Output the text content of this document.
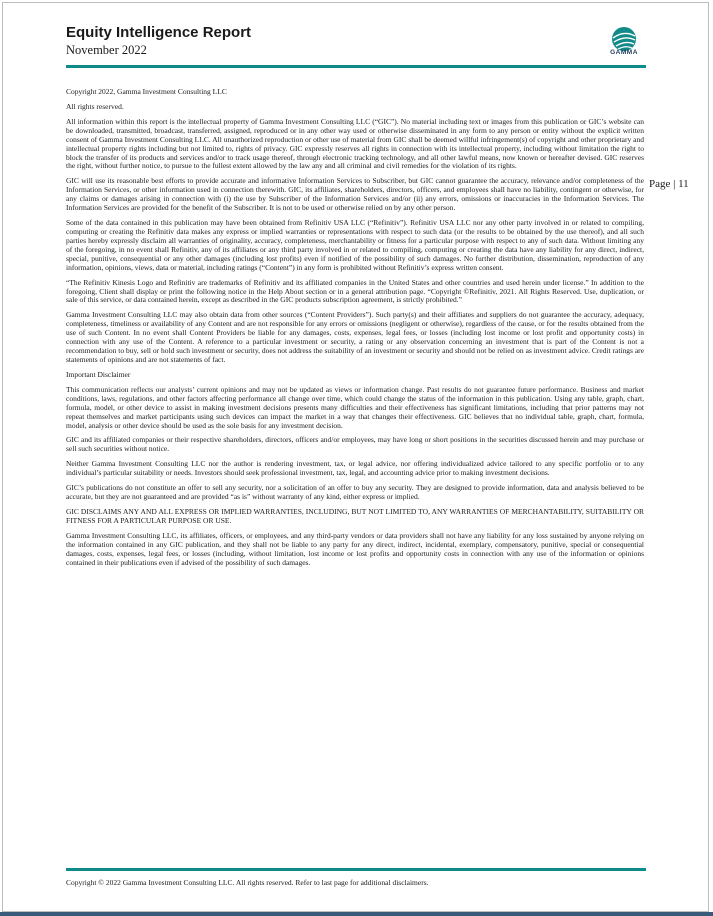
Equity Intelligence Report
November 2022	GAMMA
Page | 11

Copyright 2022, Gamma Investment Consulting LLC

All rights reserved.

All information within this report is the intellectual property of Gamma Investment Consulting LLC (“GIC”). No material including text or images from this publication or GIC’s website can be downloaded, transmitted, broadcast, transferred, assigned, reproduced or in any other way used or otherwise disseminated in any form to any person or entity without the explicit written consent of Gamma Investment Consulting LLC. All unauthorized reproduction or other use of material from GIC shall be deemed willful infringement(s) of copyright and other proprietary and intellectual property rights including but not limited to, rights of privacy. GIC expressly reserves all rights in connection with its intellectual property, including without limitation the right to block the transfer of its products and services and/or to track usage thereof, through electronic tracking technology, and all other lawful means, now known or hereafter devised. GIC reserves the right, without further notice, to pursue to the fullest extent allowed by the law any and all criminal and civil remedies for the violation of its rights.

GIC will use its reasonable best efforts to provide accurate and informative Information Services to Subscriber, but GIC cannot guarantee the accuracy, relevance and/or completeness of the Information Services, or other information used in connection therewith. GIC, its affiliates, shareholders, directors, officers, and employees shall have no liability, contingent or otherwise, for any claims or damages arising in connection with (i) the use by Subscriber of the Information Services and/or (ii) any errors, omissions or inaccuracies in the Information Services. The Information Services are provided for the benefit of the Subscriber. It is not to be used or otherwise relied on by any other person.

Some of the data contained in this publication may have been obtained from Refinitiv USA LLC (“Refinitiv”). Refinitiv USA LLC nor any other party involved in or related to compiling, computing or creating the Refinitiv data makes any express or implied warranties or representations with respect to such data (or the results to be obtained by the use thereof), and all such parties hereby expressly disclaim all warranties of originality, accuracy, completeness, merchantability or fitness for a particular purpose with respect to any of such data. Without limiting any of the foregoing, in no event shall Refinitiv, any of its affiliates or any third party involved in or related to compiling, computing or creating the data have any liability for any direct, indirect, special, punitive, consequential or any other damages (including lost profits) even if notified of the possibility of such damages. No further distribution, dissemination, reproduction of any information, opinions, views, data or material, including ratings (“Content”) in any form is prohibited without Refinitiv’s express written consent.

“The Refinitiv Kinesis Logo and Refinitiv are trademarks of Refinitiv and its affiliated companies in the United States and other countries and used herein under license.” In addition to the foregoing, Client shall display or print the following notice in the Help About section or in a general attribution page. “Copyright ©Refinitiv, 2021. All Rights Reserved. Use, duplication, or sale of this service, or data contained herein, except as described in the GIC products subscription agreement, is strictly prohibited.”

Gamma Investment Consulting LLC may also obtain data from other sources (“Content Providers”). Such party(s) and their affiliates and suppliers do not guarantee the accuracy, adequacy, completeness, timeliness or availability of any Content and are not responsible for any errors or omissions (negligent or otherwise), regardless of the cause, or for the results obtained from the use of such Content. In no event shall Content Providers be liable for any damages, costs, expenses, legal fees, or losses (including lost income or lost profit and opportunity costs) in connection with any use of the Content. A reference to a particular investment or security, a rating or any observation concerning an investment that is part of the Content is not a recommendation to buy, sell or hold such investment or security, does not address the suitability of an investment or security and should not be relied on as investment advice. Credit ratings are statements of opinions and are not statements of fact.

Important Disclaimer

This communication reflects our analysts’ current opinions and may not be updated as views or information change. Past results do not guarantee future performance. Business and market conditions, laws, regulations, and other factors affecting performance all change over time, which could change the status of the information in this publication. Using any table, graph, chart, formula, model, or other device to assist in making investment decisions presents many difficulties and their effectiveness has significant limitations, including that prior patterns may not repeat themselves and market participants using such devices can impact the market in a way that changes their effectiveness. GIC believes that no individual table, graph, chart, formula, model, analysis or other device should be used as the sole basis for any investment decision.

GIC and its affiliated companies or their respective shareholders, directors, officers and/or employees, may have long or short positions in the securities discussed herein and may purchase or sell such securities without notice.

Neither Gamma Investment Consulting LLC nor the author is rendering investment, tax, or legal advice, nor offering individualized advice tailored to any specific portfolio or to any individual’s particular suitability or needs. Investors should seek professional investment, tax, legal, and accounting advice prior to making investment decisions.

GIC’s publications do not constitute an offer to sell any security, nor a solicitation of an offer to buy any security. They are designed to provide information, data and analysis believed to be accurate, but they are not guaranteed and are provided “as is” without warranty of any kind, either express or implied.

GIC DISCLAIMS ANY AND ALL EXPRESS OR IMPLIED WARRANTIES, INCLUDING, BUT NOT LIMITED TO, ANY WARRANTIES OF MERCHANTABILITY, SUITABILITY OR FITNESS FOR A PARTICULAR PURPOSE OR USE.

Gamma Investment Consulting LLC, its affiliates, officers, or employees, and any third-party vendors or data providers shall not have any liability for any loss sustained by anyone relying on the information contained in any GIC publication, and they shall not be liable to any party for any direct, indirect, incidental, exemplary, compensatory, punitive, special or consequential damages, costs, expenses, legal fees, or losses (including, without limitation, lost income or lost profits and opportunity costs in connection with any use of the information or opinions contained in their publications even if advised of the possibility of such damages.

Copyright © 2022 Gamma Investment Consulting LLC. All rights reserved. Refer to last page for additional disclaimers.
